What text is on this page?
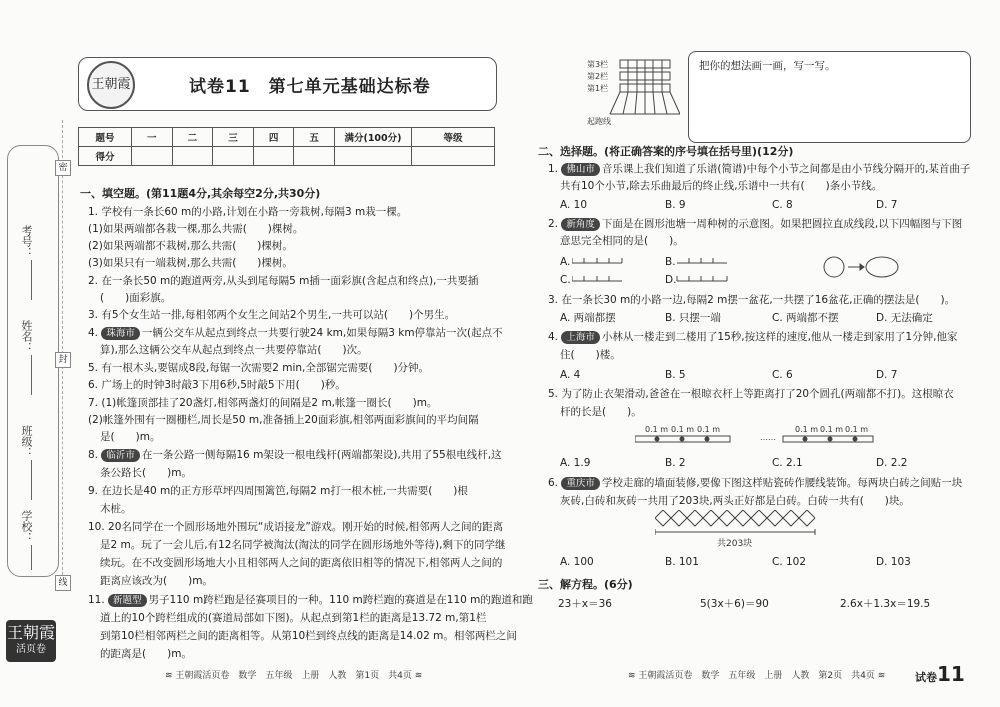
考号：
姓名：
班级：
学校：
密
封
线
王朝霞
活页卷
王朝霞	试卷11　第七单元基础达标卷
题号	一	二	三	四	五	满分(100分)	等级
得分							
一、填空题。(第11题4分,其余每空2分,共30分)
1. 学校有一条长60 m的小路,计划在小路一旁栽树,每隔3 m栽一棵。
(1)如果两端都各栽一棵,那么共需(　　)棵树。
(2)如果两端都不栽树,那么共需(　　)棵树。
(3)如果只有一端栽树,那么共需(　　)棵树。
2. 在一条长50 m的跑道两旁,从头到尾每隔5 m插一面彩旗(含起点和终点),一共要插
(　　)面彩旗。
3. 有5个女生站一排,每相邻两个女生之间站2个男生,一共可以站(　　)个男生。
4. 珠海市 一辆公交车从起点到终点一共要行驶24 km,如果每隔3 km停靠站一次(起点不
算),那么这辆公交车从起点到终点一共要停靠站(　　)次。
5. 有一根木头,要锯成8段,每锯一次需要2 min,全部锯完需要(　　)分钟。
6. 广场上的时钟3时敲3下用6秒,5时敲5下用(　　)秒。
7. (1)帐篷顶部挂了20盏灯,相邻两盏灯的间隔是2 m,帐篷一圈长(　　)m。
(2)帐篷外围有一圈栅栏,周长是50 m,准备插上20面彩旗,相邻两面彩旗间的平均间隔
是(　　)m。
8. 临沂市 在一条公路一侧每隔16 m架设一根电线杆(两端都架设),共用了55根电线杆,这
条公路长(　　)m。
9. 在边长是40 m的正方形草坪四周围篱笆,每隔2 m打一根木桩,一共需要(　　)根
木桩。
10. 20名同学在一个圆形场地外围玩“成语接龙”游戏。刚开始的时候,相邻两人之间的距离
是2 m。玩了一会儿后,有12名同学被淘汰(淘汰的同学在圆形场地外等待),剩下的同学继
续玩。在不改变圆形场地大小且相邻两人之间的距离依旧相等的情况下,相邻两人之间的
距离应该改为(　　)m。
11. 新题型 男子110 m跨栏跑是径赛项目的一种。110 m跨栏跑的赛道是在110 m的跑道和跑
道上的10个跨栏组成的(赛道局部如下图)。从起点到第1栏的距离是13.72 m,第1栏
到第10栏相邻两栏之间的距离相等。从第10栏到终点线的距离是14.02 m。相邻两栏之间
的距离是(　　)m。
≋ 王朝霞活页卷　数学　五年级　上册　人教　第1页　共4页 ≋
第3栏
第2栏
第1栏
起跑线
把你的想法画一画，写一写。
二、选择题。(将正确答案的序号填在括号里)(12分)
1. 佛山市 音乐课上我们知道了乐谱(简谱)中每个小节之间都是由小节线分隔开的,某首曲子
共有10个小节,除去乐曲最后的终止线,乐谱中一共有(　　)条小节线。
A. 10	B. 9	C. 8	D. 7
2. 新角度 下面是在圆形池塘一周种树的示意图。如果把圆拉直成线段,以下四幅图与下图
意思完全相同的是(　　)。
A.	B.
C.	D.
3. 在一条长30 m的小路一边,每隔2 m摆一盆花,一共摆了16盆花,正确的摆法是(　　)。
A. 两端都摆	B. 只摆一端	C. 两端都不摆	D. 无法确定
4. 上海市 小林从一楼走到二楼用了15秒,按这样的速度,他从一楼走到家用了1分钟,他家
住(　　)楼。
A. 4	B. 5	C. 6	D. 7
5. 为了防止衣架滑动,爸爸在一根晾衣杆上等距离打了20个圆孔(两端都不打)。这根晾衣
杆的长是(　　)。
0.1 m 0.1 m 0.1 m
……
0.1 m 0.1 m 0.1 m
A. 1.9	B. 2	C. 2.1	D. 2.2
6. 重庆市 学校走廊的墙面装修,要像下图这样贴瓷砖作腰线装饰。每两块白砖之间贴一块
灰砖,白砖和灰砖一共用了203块,两头正好都是白砖。白砖一共有(　　)块。
共203块
A. 100	B. 101	C. 102	D. 103
三、解方程。(6分)
23＋x＝36	5(3x＋6)＝90	2.6x＋1.3x＝19.5
≋ 王朝霞活页卷　数学　五年级　上册　人教　第2页　共4页 ≋	试卷11
